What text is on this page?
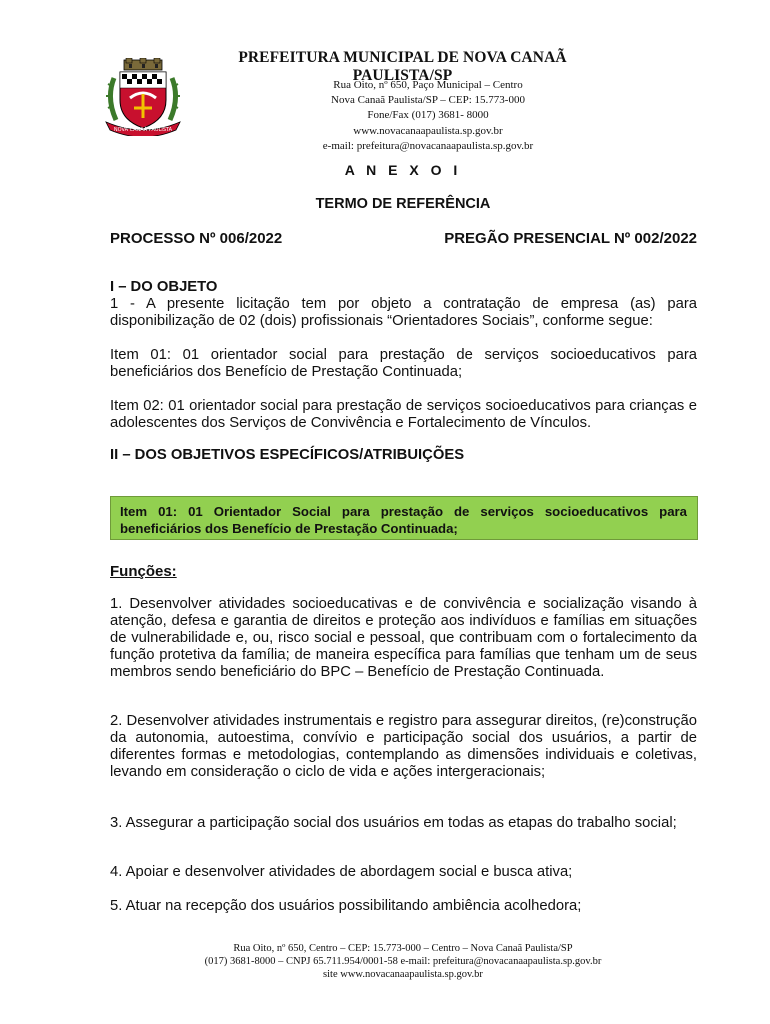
NOVA CANAÃ PAULISTA
PREFEITURA MUNICIPAL DE NOVA CANAÃ PAULISTA/SP
Rua Oito, nº 650, Paço Municipal – Centro
Nova Canaã Paulista/SP – CEP: 15.773-000
Fone/Fax (017) 3681- 8000
www.novacanaapaulista.sp.gov.br
e-mail: prefeitura@novacanaapaulista.sp.gov.br
A N E X O I
TERMO DE REFERÊNCIA
PROCESSO Nº 006/2022	PREGÃO PRESENCIAL Nº 002/2022
I – DO OBJETO
1 - A presente licitação tem por objeto a contratação de empresa (as) para disponibilização de 02 (dois) profissionais “Orientadores Sociais”, conforme segue:
Item 01: 01 orientador social para prestação de serviços socioeducativos para beneficiários dos Benefício de Prestação Continuada;
Item 02: 01 orientador social para prestação de serviços socioeducativos para crianças e adolescentes dos Serviços de Convivência e Fortalecimento de Vínculos.
II – DOS OBJETIVOS ESPECÍFICOS/ATRIBUIÇÕES
Item 01: 01 Orientador Social para prestação de serviços socioeducativos para beneficiários dos Benefício de Prestação Continuada;
Funções:
1. Desenvolver atividades socioeducativas e de convivência e socialização visando à atenção, defesa e garantia de direitos e proteção aos indivíduos e famílias em situações de vulnerabilidade e, ou, risco social e pessoal, que contribuam com o fortalecimento da função protetiva da família; de maneira específica para famílias que tenham um de seus membros sendo beneficiário do BPC – Benefício de Prestação Continuada.
2. Desenvolver atividades instrumentais e registro para assegurar direitos, (re)construção da autonomia, autoestima, convívio e participação social dos usuários, a partir de diferentes formas e metodologias, contemplando as dimensões individuais e coletivas, levando em consideração o ciclo de vida e ações intergeracionais;
3. Assegurar a participação social dos usuários em todas as etapas do trabalho social;
4. Apoiar e desenvolver atividades de abordagem social e busca ativa;
5. Atuar na recepção dos usuários possibilitando ambiência acolhedora;
Rua Oito, nº 650, Centro – CEP: 15.773-000 – Centro – Nova Canaã Paulista/SP
(017) 3681-8000 – CNPJ 65.711.954/0001-58 e-mail: prefeitura@novacanaapaulista.sp.gov.br
site www.novacanaapaulista.sp.gov.br
